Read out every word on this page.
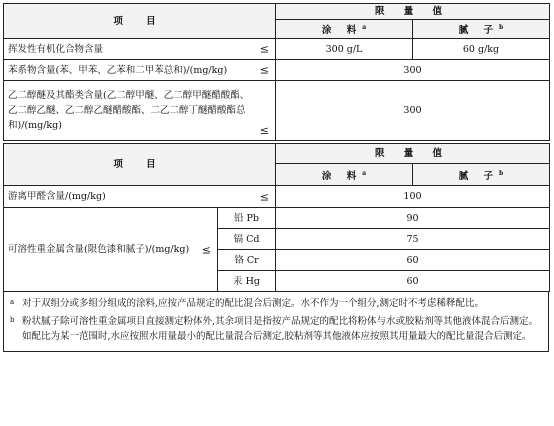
项 目	限 量 值	
	涂 料$^a$	腻 子$^b$
挥发性有机化合物含量 ≤	300 g/L	60 g/kg
苯系物含量(苯、甲苯、乙苯和二甲苯总和)/(mg/kg) ≤	300	
乙二醇醚及其酯类含量(乙二醇甲醚、乙二醇甲醚醋酸酯、乙二醇乙醚、乙二醇乙醚醋酸酯、二乙二醇丁醚醋酸酯总和)/(mg/kg) ≤	300	
项 目		限 量 值	
		涂 料$^a$	腻 子$^b$
游离甲醛含量/(mg/kg) ≤		100	
可溶性重金属含量(限色漆和腻子)/(mg/kg) ≤	铅 Pb	90	
	镉 Cd	75	
	铬 Cr	60	
	汞 Hg	60	
a 对于双组分或多组分组成的涂料,应按产品规定的配比混合后测定。水不作为一个组分,测定时不考虑稀释配比。
b 粉状腻子除可溶性重金属项目直接测定粉体外,其余项目是指按产品规定的配比将粉体与水或胶粘剂等其他液体混合后测定。如配比为某一范围时,水应按照水用量最小的配比量混合后测定,胶粘剂等其他液体应按照其用量最大的配比量混合后测定。
